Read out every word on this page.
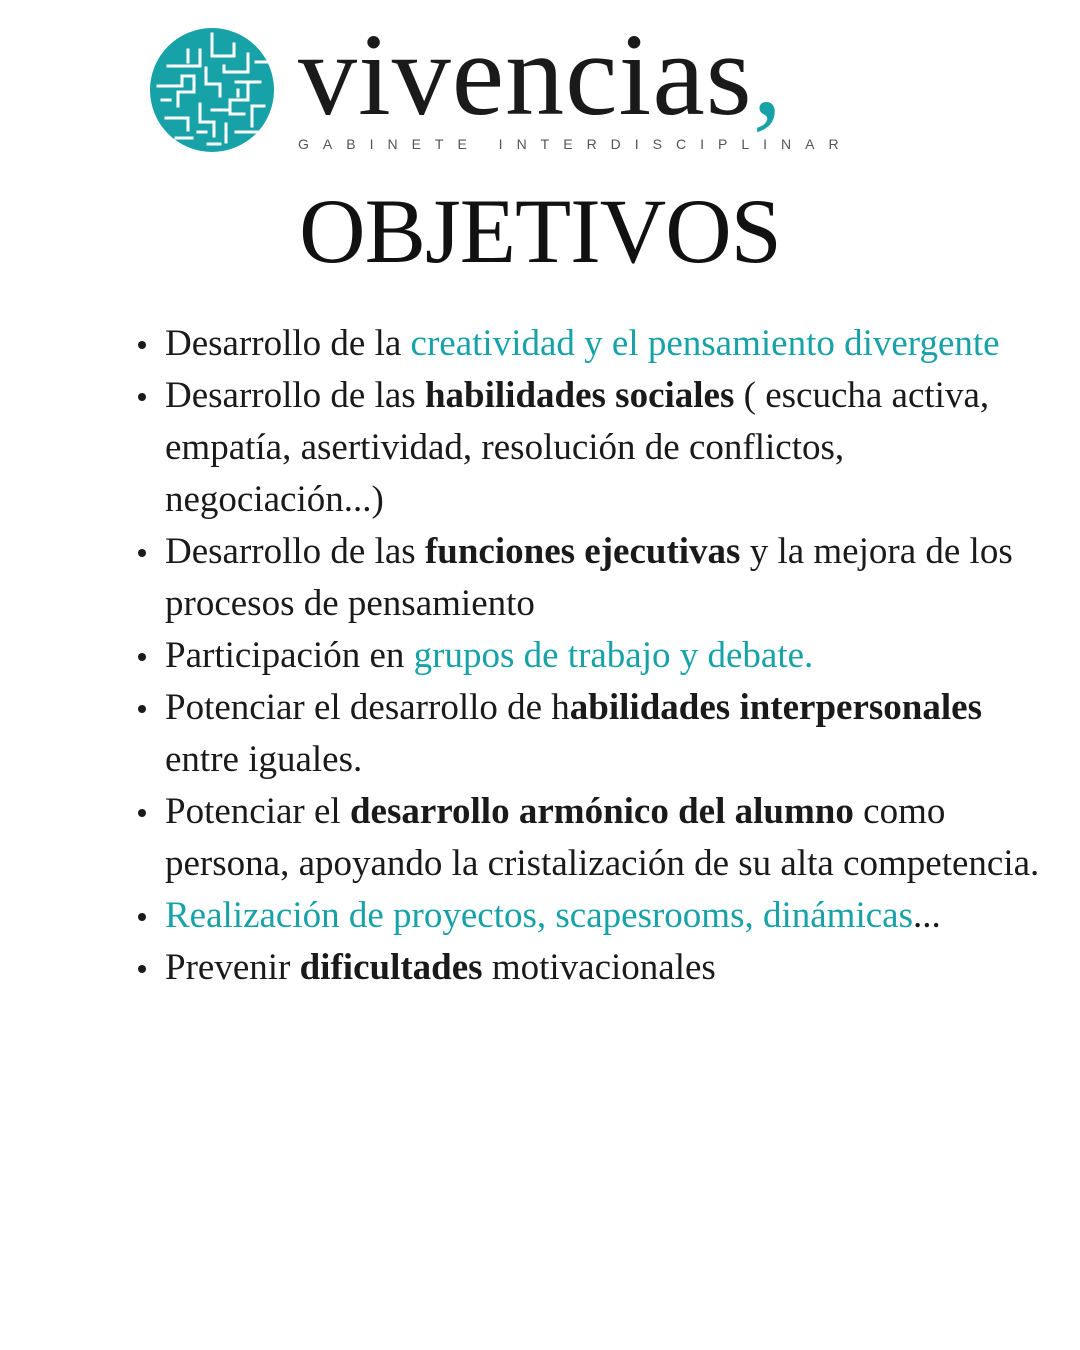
vivencias,
GABINETE INTERDISCIPLINAR
OBJETIVOS
Desarrollo de la creatividad y el pensamiento divergente
Desarrollo de las habilidades sociales ( escucha activa, empatía, asertividad, resolución de conflictos, negociación...)
Desarrollo de las funciones ejecutivas y la mejora de los procesos de pensamiento
Participación en grupos de trabajo y debate.
Potenciar el desarrollo de habilidades interpersonales entre iguales.
Potenciar el desarrollo armónico del alumno como persona, apoyando la cristalización de su alta competencia.
Realización de proyectos, scapesrooms, dinámicas...
Prevenir dificultades motivacionales
